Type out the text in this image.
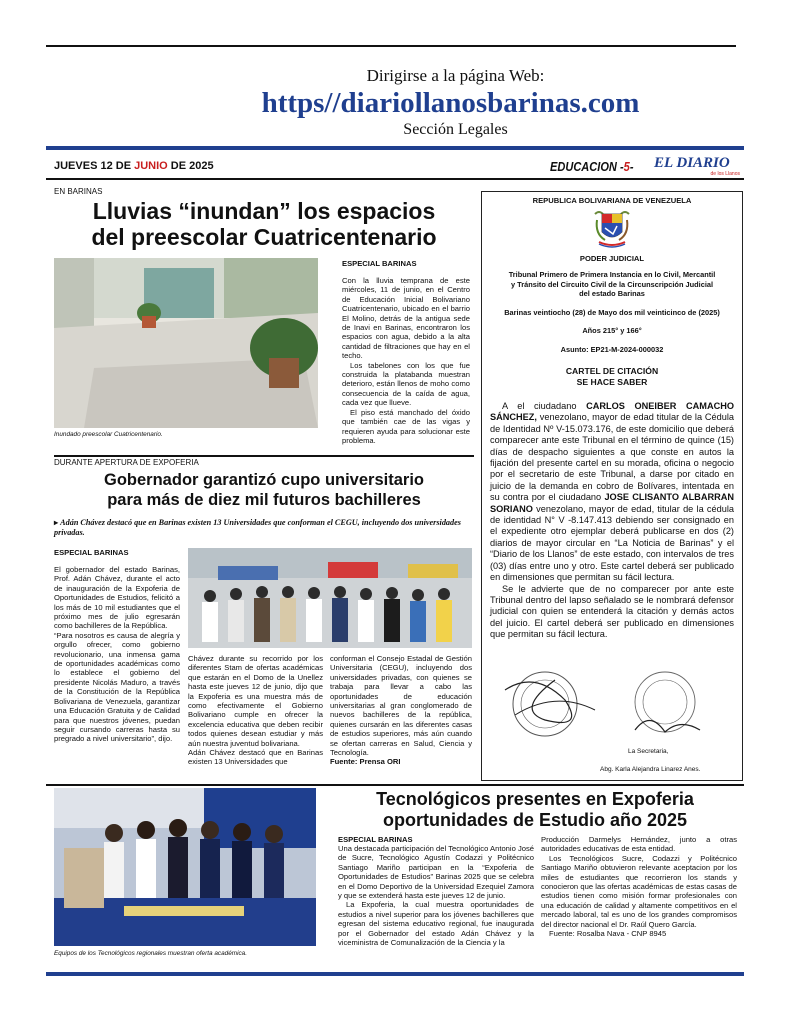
Dirigirse a la página Web:
https//diariollanosbarinas.com
Sección Legales
JUEVES 12 DE JUNIO DE 2025	EDUCACION -5- EL DIARIO
de los Llanos
EN BARINAS
Lluvias “inundan” los espacios
del preescolar Cuatricentenario
Inundado preescolar Cuatricentenario.
ESPECIAL BARINAS

Con la lluvia temprana de este miércoles, 11 de junio, en el Centro de Educación Inicial Bolivariano Cuatricentenario, ubicado en el barrio El Molino, detrás de la antigua sede de Inavi en Barinas, encontraron los espacios con agua, debido a la alta cantidad de filtraciones que hay en el techo.

Los tabelones con los que fue construida la platabanda muestran deterioro, están llenos de moho como consecuencia de la caída de agua, cada vez que llueve.

El piso está manchado del óxido que también cae de las vigas y requieren ayuda para solucionar este problema.

DURANTE APERTURA DE EXPOFERIA
Gobernador garantizó cupo universitario
para más de diez mil futuros bachilleres
▸ Adán Chávez destacó que en Barinas existen 13 Universidades que conforman el CEGU, incluyendo dos universidades privadas.
ESPECIAL BARINAS

El gobernador del estado Barinas, Prof. Adán Chávez, durante el acto de inauguración de la Expoferia de Oportunidades de Estudios, felicitó a los más de 10 mil estudiantes que el próximo mes de julio egresarán como bachilleres de la República.

“Para nosotros es causa de alegría y orgullo ofrecer, como gobierno revolucionario, una inmensa gama de oportunidades académicas como lo establece el gobierno del presidente Nicolás Maduro, a través de la Constitución de la República Bolivariana de Venezuela, garantizar una Educación Gratuita y de Calidad para que nuestros jóvenes, puedan seguir cursando carreras hasta su pregrado a nivel universitario”, dijo.

Chávez durante su recorrido por los diferentes Stam de ofertas académicas que estarán en el Domo de la Unellez hasta este jueves 12 de junio, dijo que la Expoferia es una muestra más de como efectivamente el Gobierno Bolivariano cumple en ofrecer la excelencia educativa que deben recibir todos quienes desean estudiar y más aún nuestra juventud bolivariana.

Adán Chávez destacó que en Barinas existen 13 Universidades que

conforman el Consejo Estadal de Gestión Universitaria (CEGU), incluyendo dos universidades privadas, con quienes se trabaja para llevar a cabo las oportunidades de educación universitarias al gran conglomerado de nuevos bachilleres de la república, quienes cursarán en las diferentes casas de estudios superiores, más aún cuando se ofertan carreras en Salud, Ciencia y Tecnología.

Fuente: Prensa ORI

REPUBLICA BOLIVARIANA DE VENEZUELA
PODER JUDICIAL
Tribunal Primero de Primera Instancia en lo Civil, Mercantil
y Tránsito del Circuito Civil de la Circunscripción Judicial
del estado Barinas
Barinas veintiocho (28) de Mayo dos mil veinticinco de (2025)
Años 215° y 166°
Asunto: EP21-M-2024-000032
CARTEL DE CITACIÓN
SE HACE SABER

A el ciudadano CARLOS ONEIBER CAMACHO SÁNCHEZ, venezolano, mayor de edad titular de la Cédula de Identidad Nº V-15.073.176, de este domicilio que deberá comparecer ante este Tribunal en el término de quince (15) días de despacho siguientes a que conste en autos la fijación del presente cartel en su morada, oficina o negocio por el secretario de este Tribunal, a darse por citado en juicio de la demanda en cobro de Bolívares, intentada en su contra por el ciudadano JOSE CLISANTO ALBARRAN SORIANO venezolano, mayor de edad, titular de la cédula de identidad N° V -8.147.413 debiendo ser consignado en el expediente otro ejemplar deberá publicarse en dos (2) diarios de mayor circular en “La Noticia de Barinas” y el “Diario de los Llanos” de este estado, con intervalos de tres (03) días entre uno y otro. Este cartel deberá ser publicado en dimensiones que permitan su fácil lectura.

Se le advierte que de no comparecer por ante este Tribunal dentro del lapso señalado se le nombrará defensor judicial con quien se entenderá la citación y demás actos del juicio. El cartel deberá ser publicado en dimensiones que permitan su fácil lectura.

La Secretaria,
Abg. Karla Alejandra Linarez Anes.
Equipos de los Tecnológicos regionales muestran oferta académica.
Tecnológicos presentes en Expoferia
oportunidades de Estudio año 2025
ESPECIAL BARINAS

Una destacada participación del Tecnológico Antonio José de Sucre, Tecnológico Agustín Codazzi y Politécnico Santiago Mariño participan en la “Expoferia de Oportunidades de Estudios” Barinas 2025 que se celebra en el Domo Deportivo de la Universidad Ezequiel Zamora y que se extenderá hasta este jueves 12 de junio.

La Expoferia, la cual muestra oportunidades de estudios a nivel superior para los jóvenes bachilleres que egresan del sistema educativo regional, fue inaugurada por el Gobernador del estado Adán Chávez y la viceministra de Comunalización de la Ciencia y la

Producción Darmelys Hernández, junto a otras autoridades educativas de esta entidad.

Los Tecnológicos Sucre, Codazzi y Politécnico Santiago Mariño obtuvieron relevante aceptacion por los miles de estudiantes que recorrieron los stands y conocieron que las ofertas académicas de estas casas de estudios tienen como misión formar profesionales con una educación de calidad y altamente competitivos en el mercado laboral, tal es uno de los grandes compromisos del director nacional el Dr. Raúl Quero García.

Fuente: Rosalba Nava - CNP 8945
